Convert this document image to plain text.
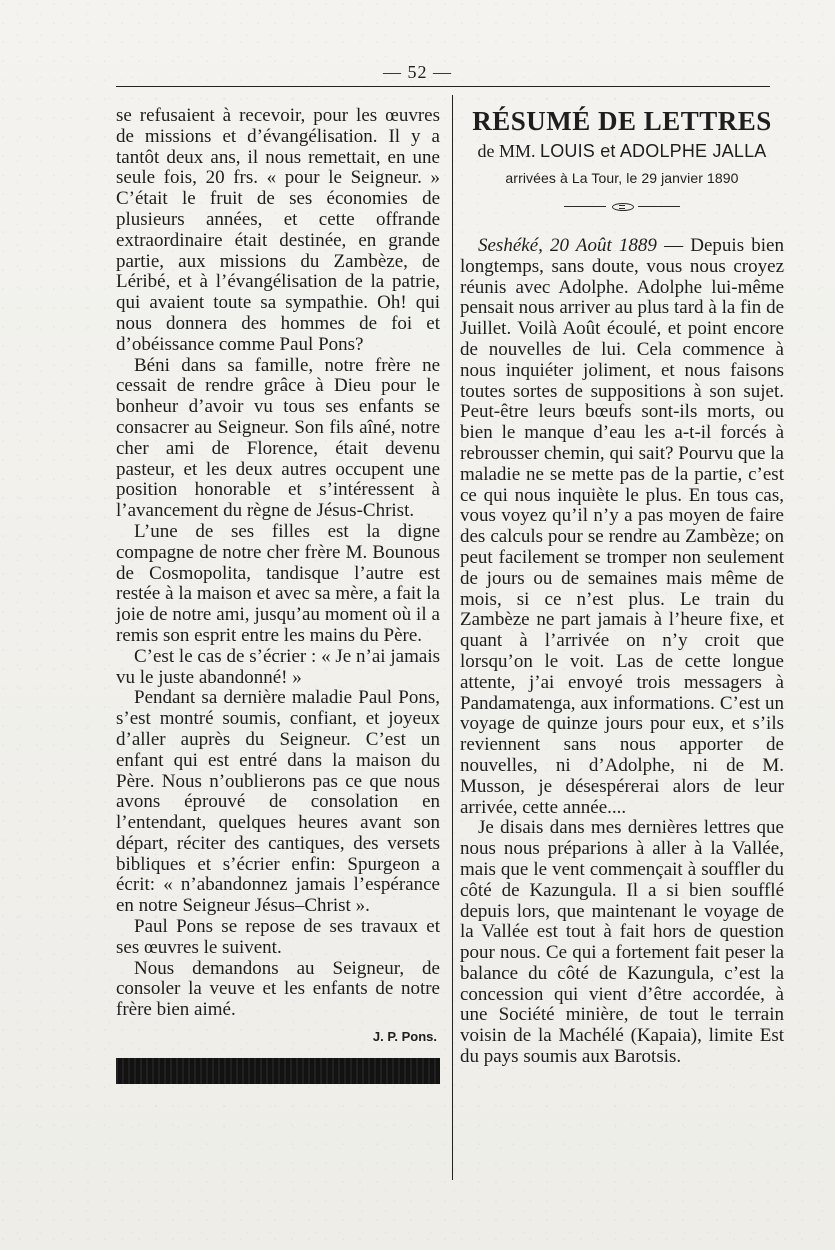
— 52 —

se refusaient à recevoir, pour les œuvres de missions et d’évangélisation. Il y a tantôt deux ans, il nous remettait, en une seule fois, 20 frs. « pour le Seigneur. » C’était le fruit de ses économies de plusieurs années, et cette offrande extraordinaire était destinée, en grande partie, aux missions du Zambèze, de Léribé, et à l’évangélisation de la patrie, qui avaient toute sa sympathie. Oh! qui nous donnera des hommes de foi et d’obéissance comme Paul Pons?

Béni dans sa famille, notre frère ne cessait de rendre grâce à Dieu pour le bonheur d’avoir vu tous ses enfants se consacrer au Seigneur. Son fils aîné, notre cher ami de Florence, était devenu pasteur, et les deux autres occupent une position honorable et s’intéressent à l’avancement du règne de Jésus-Christ.

L’une de ses filles est la digne compagne de notre cher frère M. Bounous de Cosmopolita, tandisque l’autre est restée à la maison et avec sa mère, a fait la joie de notre ami, jusqu’au moment où il a remis son esprit entre les mains du Père.

C’est le cas de s’écrier : « Je n’ai jamais vu le juste abandonné! »

Pendant sa dernière maladie Paul Pons, s’est montré soumis, confiant, et joyeux d’aller auprès du Seigneur. C’est un enfant qui est entré dans la maison du Père. Nous n’oublierons pas ce que nous avons éprouvé de consolation en l’entendant, quelques heures avant son départ, réciter des cantiques, des versets bibliques et s’écrier enfin: Spurgeon a écrit: « n’abandonnez jamais l’espérance en notre Seigneur Jésus–Christ ».

Paul Pons se repose de ses travaux et ses œuvres le suivent.

Nous demandons au Seigneur, de consoler la veuve et les enfants de notre frère bien aimé.

J. P. Pons.
RÉSUMÉ DE LETTRES
de MM. LOUIS et ADOLPHE JALLA
arrivées à La Tour, le 29 janvier 1890

Seshéké, 20 Août 1889 — Depuis bien longtemps, sans doute, vous nous croyez réunis avec Adolphe. Adolphe lui-même pensait nous arriver au plus tard à la fin de Juillet. Voilà Août écoulé, et point encore de nouvelles de lui. Cela commence à nous inquiéter joliment, et nous faisons toutes sortes de suppositions à son sujet. Peut-être leurs bœufs sont-ils morts, ou bien le manque d’eau les a-t-il forcés à rebrousser chemin, qui sait? Pourvu que la maladie ne se mette pas de la partie, c’est ce qui nous inquiète le plus. En tous cas, vous voyez qu’il n’y a pas moyen de faire des calculs pour se rendre au Zambèze; on peut facilement se tromper non seulement de jours ou de semaines mais même de mois, si ce n’est plus. Le train du Zambèze ne part jamais à l’heure fixe, et quant à l’arrivée on n’y croit que lorsqu’on le voit. Las de cette longue attente, j’ai envoyé trois messagers à Pandamatenga, aux informations. C’est un voyage de quinze jours pour eux, et s’ils reviennent sans nous apporter de nouvelles, ni d’Adolphe, ni de M. Musson, je désespérerai alors de leur arrivée, cette année....

Je disais dans mes dernières lettres que nous nous préparions à aller à la Vallée, mais que le vent commençait à souffler du côté de Kazungula. Il a si bien soufflé depuis lors, que maintenant le voyage de la Vallée est tout à fait hors de question pour nous. Ce qui a fortement fait peser la balance du côté de Kazungula, c’est la concession qui vient d’être accordée, à une Société minière, de tout le terrain voisin de la Machélé (Kapaia), limite Est du pays soumis aux Barotsis.
